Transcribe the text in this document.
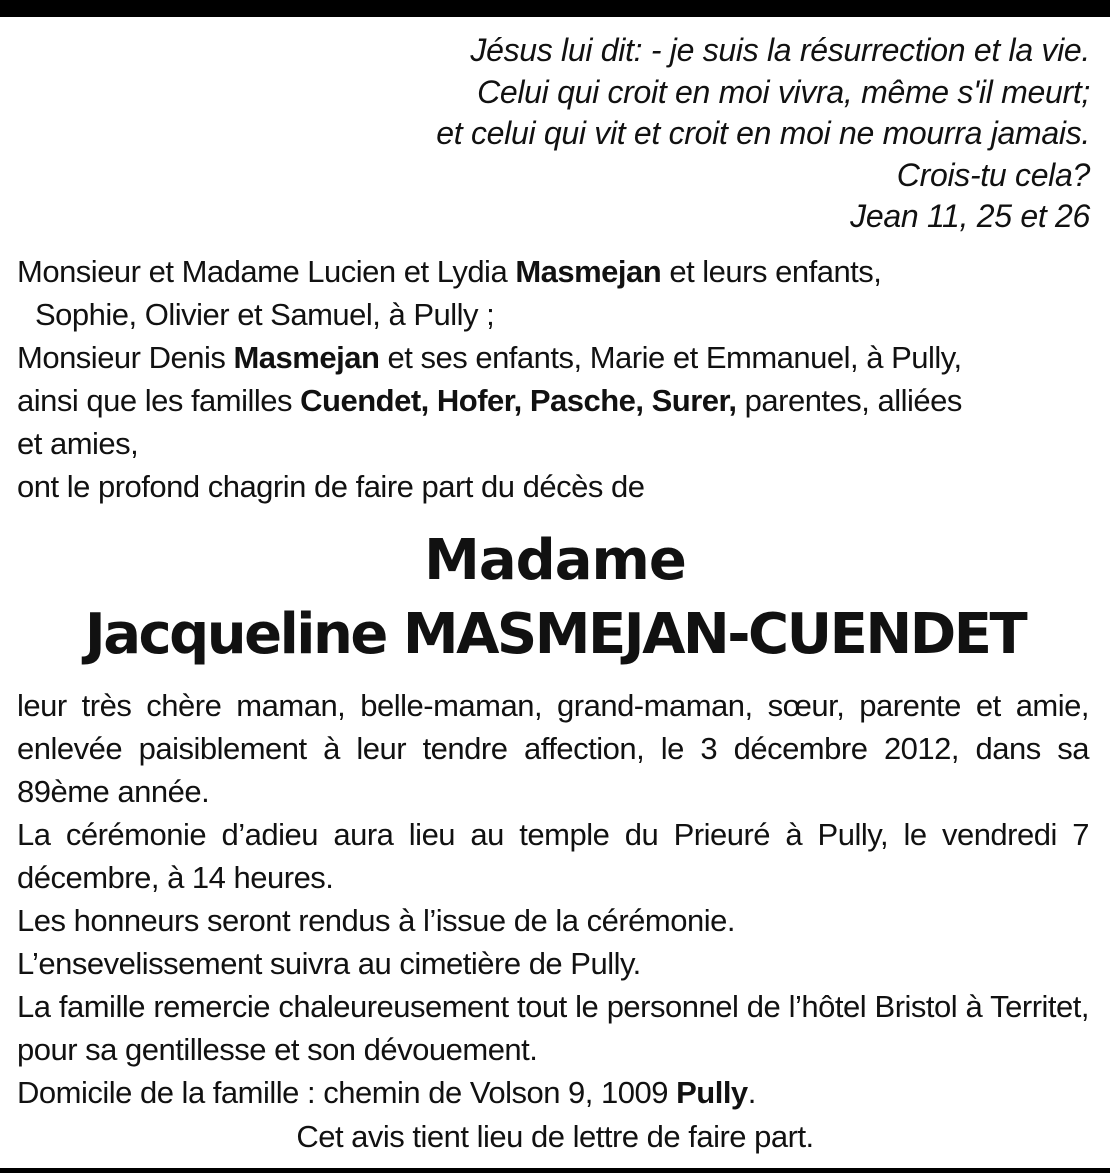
Jésus lui dit: - je suis la résurrection et la vie.
Celui qui croit en moi vivra, même s'il meurt;
et celui qui vit et croit en moi ne mourra jamais.
Crois-tu cela?
Jean 11, 25 et 26
Monsieur et Madame Lucien et Lydia Masmejan et leurs enfants,
Sophie, Olivier et Samuel, à Pully ;
Monsieur Denis Masmejan et ses enfants, Marie et Emmanuel, à Pully,
ainsi que les familles Cuendet, Hofer, Pasche, Surer, parentes, alliées
et amies,
ont le profond chagrin de faire part du décès de
Madame
Jacqueline MASMEJAN-CUENDET
leur très chère maman, belle-maman, grand-maman, sœur, parente et amie, enlevée paisiblement à leur tendre affection, le 3 décembre 2012, dans sa 89ème année.
La cérémonie d’adieu aura lieu au temple du Prieuré à Pully, le vendredi 7 décembre, à 14 heures.
Les honneurs seront rendus à l’issue de la cérémonie.
L’ensevelissement suivra au cimetière de Pully.
La famille remercie chaleureusement tout le personnel de l’hôtel Bristol à Territet, pour sa gentillesse et son dévouement.
Domicile de la famille : chemin de Volson 9, 1009 Pully.
Cet avis tient lieu de lettre de faire part.
